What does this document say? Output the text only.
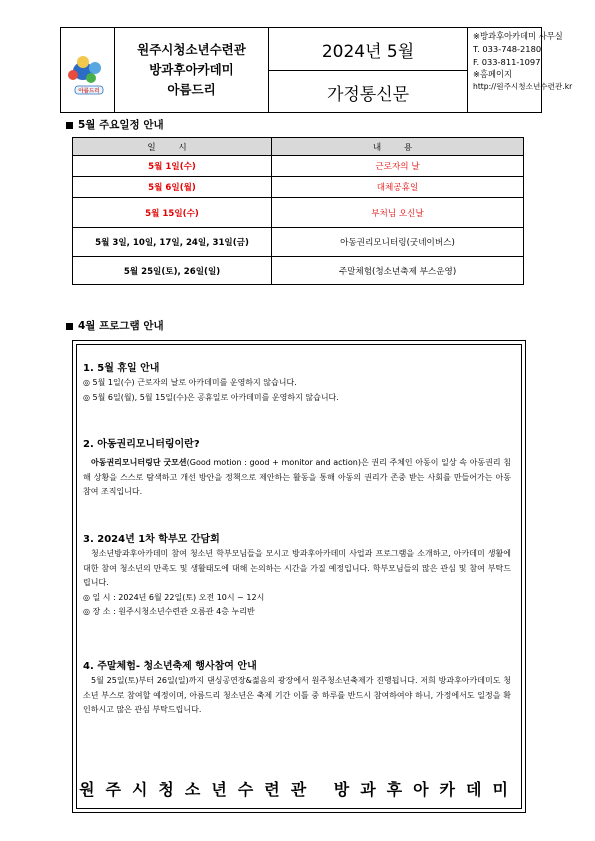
아름드리
원주시청소년수련관
방과후아카데미
아름드리
2024년 5월
가정통신문
※방과후아카데미 사무실
T. 033-748-2180
F. 033-811-1097
※홈페이지
http://원주시청소년수련관.kr
5월 주요일정 안내
일 시	내 용
5월 1일(수)	근로자의 날
5월 6일(월)	대체공휴일
5월 15일(수)	부처님 오신날
5월 3일, 10일, 17일, 24일, 31일(금)	아동권리모니터링(굿네이버스)
5월 25일(토), 26일(일)	주말체험(청소년축제 부스운영)
4월 프로그램 안내
1. 5월 휴일 안내
◎ 5월 1일(수) 근로자의 날로 아카데미를 운영하지 않습니다.
◎ 5월 6일(월), 5월 15일(수)은 공휴일로 아카데미를 운영하지 않습니다.
2. 아동권리모니터링이란?
아동권리모니터링단 굿모션(Good motion : good + monitor and action)은 권리 주체인 아동이 일상 속 아동권리 침해 상황을 스스로 탐색하고 개선 방안을 정책으로 제안하는 활동을 통해 아동의 권리가 존중 받는 사회를 만들어가는 아동 참여 조직입니다.
3. 2024년 1차 학부모 간담회
청소년방과후아카데미 참여 청소년 학부모님들을 모시고 방과후아카데미 사업과 프로그램을 소개하고, 아카데미 생활에 대한 참여 청소년의 만족도 및 생활태도에 대해 논의하는 시간을 가질 예정입니다. 학부모님들의 많은 관심 및 참여 부탁드립니다.
◎ 일 시 : 2024년 6월 22일(토) 오전 10시 ~ 12시
◎ 장 소 : 원주시청소년수련관 오름관 4층 누리반
4. 주말체험- 청소년축제 행사참여 안내
5월 25일(토)부터 26일(일)까지 댄싱공연장&젊음의 광장에서 원주청소년축제가 진행됩니다. 저희 방과후아카데미도 청소년 부스로 참여할 예정이며, 아름드리 청소년은 축제 기간 이틀 중 하루를 반드시 참여하여야 하니, 가정에서도 일정을 확인하시고 많은 관심 부탁드립니다.
원주시청소년수련관 방과후아카데미
